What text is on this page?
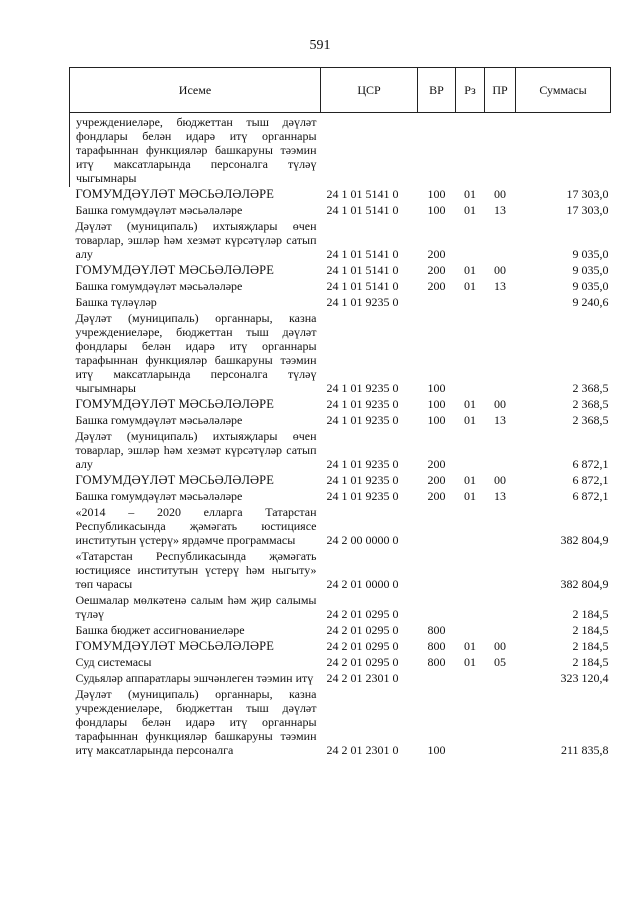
591
Исеме	ЦСР	ВР	Рз	ПР	Суммасы
учреждениеләре, бюджеттан тыш дәүләт фондлары белән идарә итү органнары тарафыннан функцияләр башкаруны тәэмин итү максатларында персоналга түләү чыгымнары					
ГОМУМДӘҮЛӘТ МӘСЬӘЛӘЛӘРЕ	24 1 01 5141 0	100	01	00	17 303,0
Башка гомумдәүләт мәсьәләләре	24 1 01 5141 0	100	01	13	17 303,0
Дәүләт (муниципаль) ихтыяҗлары өчен товарлар, эшләр һәм хезмәт күрсәтүләр сатып алу	24 1 01 5141 0	200			9 035,0
ГОМУМДӘҮЛӘТ МӘСЬӘЛӘЛӘРЕ	24 1 01 5141 0	200	01	00	9 035,0
Башка гомумдәүләт мәсьәләләре	24 1 01 5141 0	200	01	13	9 035,0
Башка түләүләр	24 1 01 9235 0				9 240,6
Дәүләт (муниципаль) органнары, казна учреждениеләре, бюджеттан тыш дәүләт фондлары белән идарә итү органнары тарафыннан функцияләр башкаруны тәэмин итү максатларында персоналга түләү чыгымнары	24 1 01 9235 0	100			2 368,5
ГОМУМДӘҮЛӘТ МӘСЬӘЛӘЛӘРЕ	24 1 01 9235 0	100	01	00	2 368,5
Башка гомумдәүләт мәсьәләләре	24 1 01 9235 0	100	01	13	2 368,5
Дәүләт (муниципаль) ихтыяҗлары өчен товарлар, эшләр һәм хезмәт күрсәтүләр сатып алу	24 1 01 9235 0	200			6 872,1
ГОМУМДӘҮЛӘТ МӘСЬӘЛӘЛӘРЕ	24 1 01 9235 0	200	01	00	6 872,1
Башка гомумдәүләт мәсьәләләре	24 1 01 9235 0	200	01	13	6 872,1
«2014 – 2020 елларга Татарстан Республикасында җәмәгать юстициясе институтын үстерү» ярдәмче программасы	24 2 00 0000 0				382 804,9
«Татарстан Республикасында җәмәгать юстициясе институтын үстерү һәм ныгыту» төп чарасы	24 2 01 0000 0				382 804,9
Оешмалар мөлкәтенә салым һәм җир салымы түләү	24 2 01 0295 0				2 184,5
Башка бюджет ассигнованиеләре	24 2 01 0295 0	800			2 184,5
ГОМУМДӘҮЛӘТ МӘСЬӘЛӘЛӘРЕ	24 2 01 0295 0	800	01	00	2 184,5
Суд системасы	24 2 01 0295 0	800	01	05	2 184,5
Судьяләр аппаратлары эшчәнлеген тәэмин итү	24 2 01 2301 0				323 120,4
Дәүләт (муниципаль) органнары, казна учреждениеләре, бюджеттан тыш дәүләт фондлары белән идарә итү органнары тарафыннан функцияләр башкаруны тәэмин итү максатларында персоналга	24 2 01 2301 0	100			211 835,8
